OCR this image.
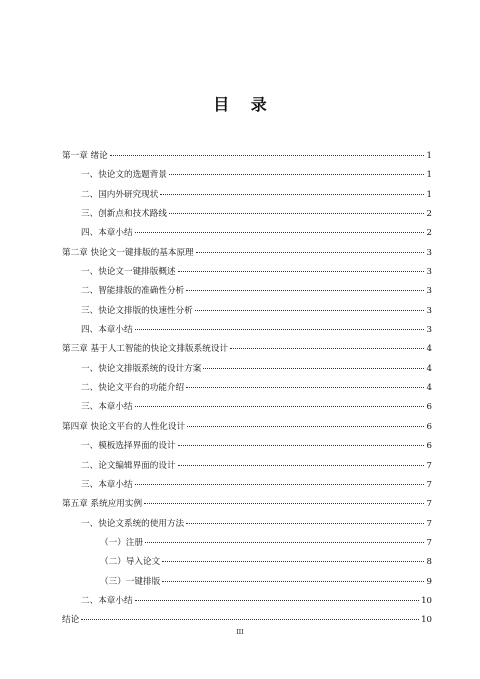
目 录
第一章 绪论	1
一、快论文的选题背景	1
二、国内外研究现状	1
三、创新点和技术路线	2
四、本章小结	2
第二章 快论文一键排版的基本原理	3
一、快论文一键排版概述	3
二、智能排版的准确性分析	3
三、快论文排版的快速性分析	3
四、本章小结	3
第三章 基于人工智能的快论文排版系统设计	4
一、快论文排版系统的设计方案	4
二、快论文平台的功能介绍	4
三、本章小结	6
第四章 快论文平台的人性化设计	6
一、模板选择界面的设计	6
二、论文编辑界面的设计	7
三、本章小结	7
第五章 系统应用实例	7
一、快论文系统的使用方法	7
（一）注册	7
（二）导入论文	8
（三）一键排版	9
二、本章小结	10
结论	10
III
